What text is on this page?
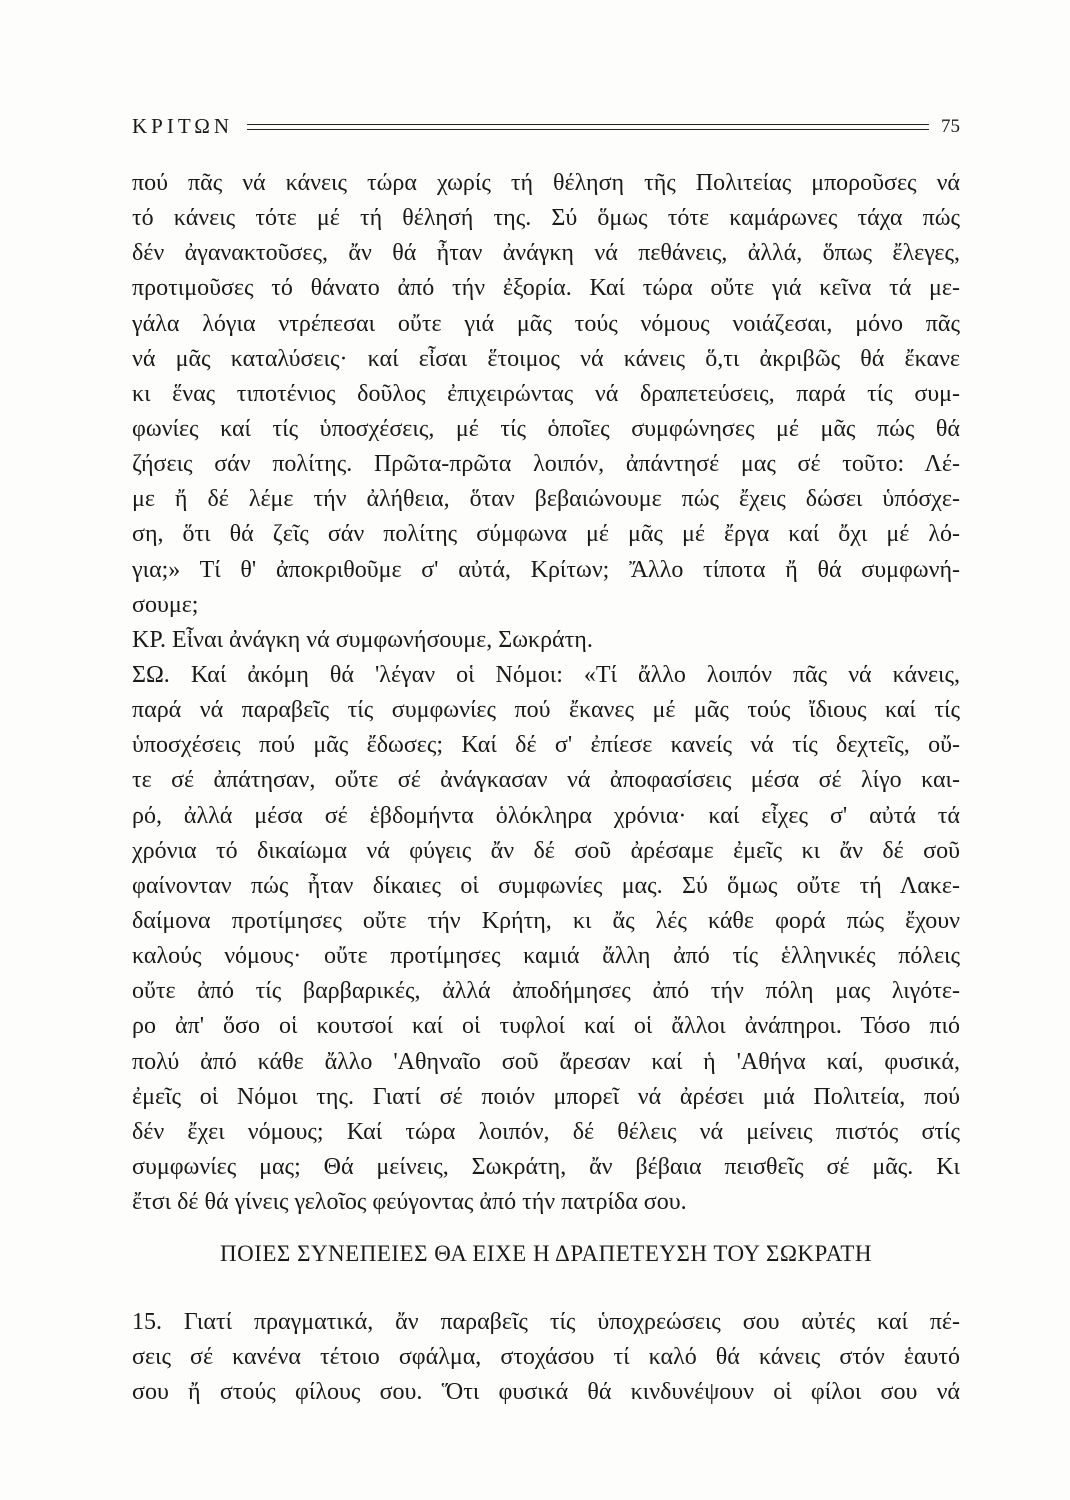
ΚΡΙΤΩΝ	75
πού πᾶς νά κάνεις τώρα χωρίς τή θέληση τῆς Πολιτείας μποροῦσες νά
τό κάνεις τότε μέ τή θέλησή της. Σύ ὅμως τότε καμάρωνες τάχα πώς
δέν ἀγανακτοῦσες, ἄν θά ἦταν ἀνάγκη νά πεθάνεις, ἀλλά, ὅπως ἔλεγες,
προτιμοῦσες τό θάνατο ἀπό τήν ἐξορία. Καί τώρα οὔτε γιά κεῖνα τά με-
γάλα λόγια ντρέπεσαι οὔτε γιά μᾶς τούς νόμους νοιάζεσαι, μόνο πᾶς
νά μᾶς καταλύσεις· καί εἶσαι ἕτοιμος νά κάνεις ὅ,τι ἀκριβῶς θά ἔκανε
κι ἕνας τιποτένιος δοῦλος ἐπιχειρώντας νά δραπετεύσεις, παρά τίς συμ-
φωνίες καί τίς ὑποσχέσεις, μέ τίς ὁποῖες συμφώνησες μέ μᾶς πώς θά
ζήσεις σάν πολίτης. Πρῶτα-πρῶτα λοιπόν, ἀπάντησέ μας σέ τοῦτο: Λέ-
με ἤ δέ λέμε τήν ἀλήθεια, ὅταν βεβαιώνουμε πώς ἔχεις δώσει ὑπόσχε-
ση, ὅτι θά ζεῖς σάν πολίτης σύμφωνα μέ μᾶς μέ ἔργα καί ὄχι μέ λό-
για;» Τί θ' ἀποκριθοῦμε σ' αὐτά, Κρίτων; Ἄλλο τίποτα ἤ θά συμφωνή-
σουμε;
ΚΡ. Εἶναι ἀνάγκη νά συμφωνήσουμε, Σωκράτη.
ΣΩ. Καί ἀκόμη θά 'λέγαν οἱ Νόμοι: «Τί ἄλλο λοιπόν πᾶς νά κάνεις,
παρά νά παραβεῖς τίς συμφωνίες πού ἔκανες μέ μᾶς τούς ἴδιους καί τίς
ὑποσχέσεις πού μᾶς ἔδωσες; Καί δέ σ' ἐπίεσε κανείς νά τίς δεχτεῖς, οὔ-
τε σέ ἀπάτησαν, οὔτε σέ ἀνάγκασαν νά ἀποφασίσεις μέσα σέ λίγο και-
ρό, ἀλλά μέσα σέ ἑβδομήντα ὁλόκληρα χρόνια· καί εἶχες σ' αὐτά τά
χρόνια τό δικαίωμα νά φύγεις ἄν δέ σοῦ ἀρέσαμε ἐμεῖς κι ἄν δέ σοῦ
φαίνονταν πώς ἦταν δίκαιες οἱ συμφωνίες μας. Σύ ὅμως οὔτε τή Λακε-
δαίμονα προτίμησες οὔτε τήν Κρήτη, κι ἄς λές κάθε φορά πώς ἔχουν
καλούς νόμους· οὔτε προτίμησες καμιά ἄλλη ἀπό τίς ἑλληνικές πόλεις
οὔτε ἀπό τίς βαρβαρικές, ἀλλά ἀποδήμησες ἀπό τήν πόλη μας λιγότε-
ρο ἀπ' ὅσο οἱ κουτσοί καί οἱ τυφλοί καί οἱ ἄλλοι ἀνάπηροι. Τόσο πιό
πολύ ἀπό κάθε ἄλλο 'Αθηναῖο σοῦ ἄρεσαν καί ἡ 'Αθήνα καί, φυσικά,
ἐμεῖς οἱ Νόμοι της. Γιατί σέ ποιόν μπορεῖ νά ἀρέσει μιά Πολιτεία, πού
δέν ἔχει νόμους; Καί τώρα λοιπόν, δέ θέλεις νά μείνεις πιστός στίς
συμφωνίες μας; Θά μείνεις, Σωκράτη, ἄν βέβαια πεισθεῖς σέ μᾶς. Κι
ἔτσι δέ θά γίνεις γελοῖος φεύγοντας ἀπό τήν πατρίδα σου.
ΠΟΙΕΣ ΣΥΝΕΠΕΙΕΣ ΘΑ ΕΙΧΕ Η ΔΡΑΠΕΤΕΥΣΗ ΤΟΥ ΣΩΚΡΑΤΗ
15. Γιατί πραγματικά, ἄν παραβεῖς τίς ὑποχρεώσεις σου αὐτές καί πέ-
σεις σέ κανένα τέτοιο σφάλμα, στοχάσου τί καλό θά κάνεις στόν ἑαυτό
σου ἤ στούς φίλους σου. Ὅτι φυσικά θά κινδυνέψουν οἱ φίλοι σου νά
